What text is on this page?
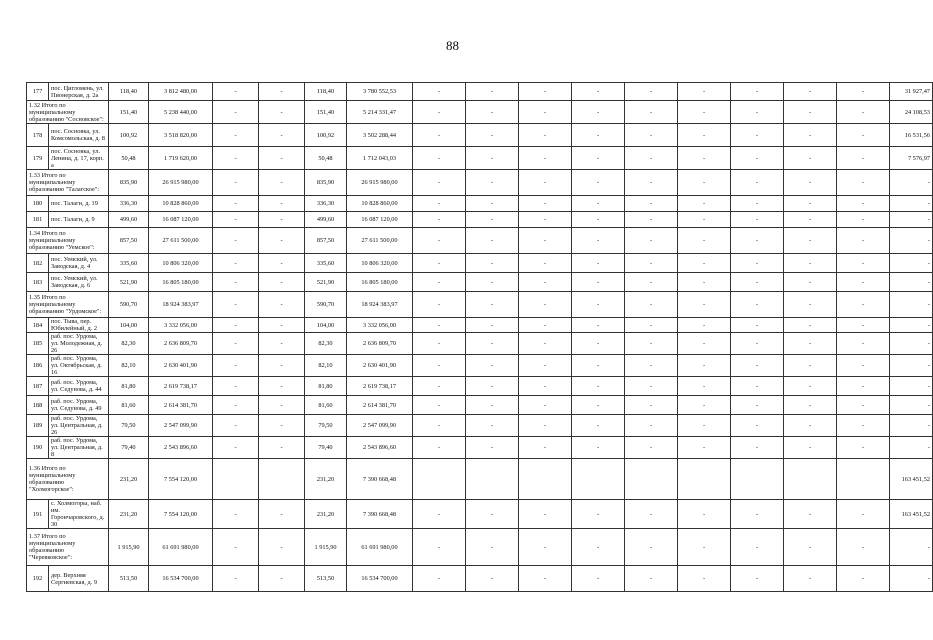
88
177	пос. Цигломень, ул. Пионерская, д. 2а	118,40	3 812 480,00	-	-	118,40	3 780 552,53	-	-	-	-	-	-	-	-	-	31 927,47
1.32 Итого по муниципальному образованию "Сосновское":		151,40	5 238 440,00	-	-	151,40	5 214 331,47	-	-	-	-	-	-	-	-	-	24 108,53
178	пос. Сосновка, ул. Комсомольская, д. 8	100,92	3 518 820,00	-	-	100,92	3 502 288,44	-	-	-	-	-	-	-	-	-	16 531,56
179	пос. Сосновка, ул. Ленина, д. 17, корп. а	50,48	1 719 620,00	-	-	50,48	1 712 043,03	-	-	-	-	-	-	-	-	-	7 576,97
1.33 Итого по муниципальному образованию "Талагское":		835,90	26 915 980,00	-	-	835,90	26 915 980,00	-	-	-	-	-	-	-	-	-	-
180	пос. Талаги, д. 19	336,30	10 828 860,00	-	-	336,30	10 828 860,00	-	-	-	-	-	-	-	-	-	-
181	пос. Талаги, д. 9	499,60	16 087 120,00	-	-	499,60	16 087 120,00	-	-	-	-	-	-	-	-	-	-
1.34 Итого по муниципальному образованию "Уемское":		857,50	27 611 500,00	-	-	857,50	27 611 500,00	-	-	-	-	-	-	-	-	-	-
182	пос. Уемский, ул. Заводская, д. 4	335,60	10 806 320,00	-	-	335,60	10 806 320,00	-	-	-	-	-	-	-	-	-	-
183	пос. Уемский, ул. Заводская, д. 6	521,90	16 805 180,00	-	-	521,90	16 805 180,00	-	-	-	-	-	-	-	-	-	-
1.35 Итого по муниципальному образованию "Урдомское":		590,70	18 924 383,97	-	-	590,70	18 924 383,97	-	-	-	-	-	-	-	-	-	-
184	пос. Тыва, пер. Юбилейный, д. 2	104,00	3 332 056,00	-	-	104,00	3 332 056,00	-	-	-	-	-	-	-	-	-	-
185	раб. пос. Урдома, ул. Молодежная, д. 26	82,30	2 636 809,70	-	-	82,30	2 636 809,70	-	-	-	-	-	-	-	-	-	-
186	раб. пос. Урдома, ул. Октябрьская, д. 16	82,10	2 630 401,90	-	-	82,10	2 630 401,90	-	-	-	-	-	-	-	-	-	-
187	раб. пос. Урдома, ул. Седунова, д. 44	81,80	2 619 738,17	-	-	81,80	2 619 738,17	-	-	-	-	-	-	-	-	-	-
188	раб. пос. Урдома, ул. Седунова, д. 49	81,60	2 614 381,70	-	-	81,60	2 614 381,70	-	-	-	-	-	-	-	-	-	-
189	раб. пос. Урдома, ул. Центральная, д. 26	79,50	2 547 099,90	-	-	79,50	2 547 099,90	-	-	-	-	-	-	-	-	-	-
190	раб. пос. Урдома, ул. Центральная, д. 8	79,40	2 543 896,60	-	-	79,40	2 543 896,60	-	-	-	-	-	-	-	-	-	-
1.36 Итого по муниципальному образованию "Холмогорское":		231,20	7 554 120,00			231,20	7 390 668,48										163 451,52
191	с. Холмогоры, наб. им. Горончаровского, д. 30	231,20	7 554 120,00	-	-	231,20	7 390 668,48	-	-	-	-	-	-	-	-	-	163 451,52
1.37 Итого по муниципальному образованию "Черевковское":		1 915,90	61 691 980,00	-	-	1 915,90	61 691 980,00	-	-	-	-	-	-	-	-	-	-
192	дер. Верхняя Сергиевская, д. 9	513,50	16 534 700,00	-	-	513,50	16 534 700,00	-	-	-	-	-	-	-	-	-	-
